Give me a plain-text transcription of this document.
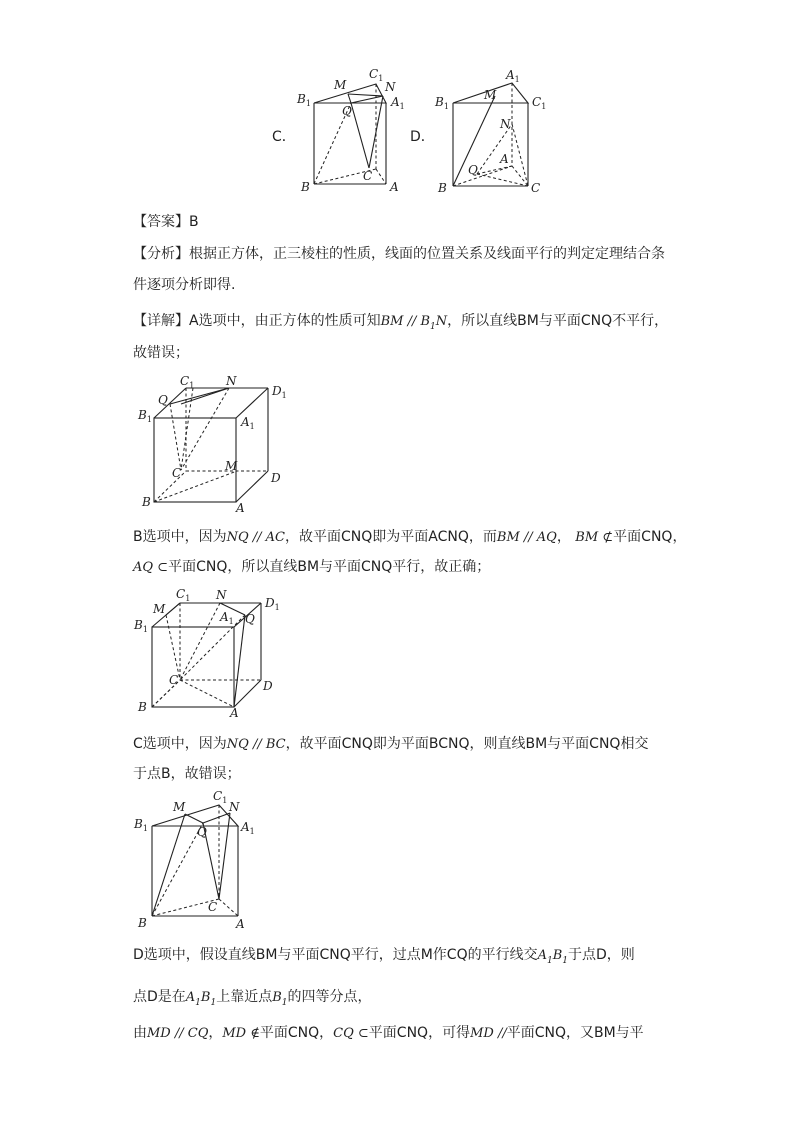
C．
$B_1$
M
$C_1$
N
Q
$A_1$
B
C
A
D．
$B_1$
M
$A_1$
$C_1$
N
A
Q
B	C
【答案】B
【分析】根据正方体，正三棱柱的性质，线面的位置关系及线面平行的判定定理结合条
件逐项分析即得.
【详解】A选项中，由正方体的性质可知BM // $B_1N$，所以直线BM与平面CNQ不平行，
故错误；
$C_1$	N
$D_1$
Q
$B_1$	$A_1$
C	M
D
B	A
B选项中，因为NQ // AC，故平面CNQ即为平面ACNQ，而BM // AQ， BM ⊄平面CNQ，
AQ ⊂平面CNQ，所以直线BM与平面CNQ平行，故正确；
$C_1$ N
$D_1$
M
$A_1$ Q
$B_1$
C	D
B	A
C选项中，因为NQ // BC，故平面CNQ即为平面BCNQ，则直线BM与平面CNQ相交
于点B，故错误；
$C_1$
M	N
$B_1$	Q	$A_1$
C
B	A
D选项中，假设直线BM与平面CNQ平行，过点M作CQ的平行线交$A_1B_1$于点D，则
点D是在$A_1B_1$上靠近点$B_1$的四等分点，
由MD // CQ，MD ∉平面CNQ，CQ ⊂平面CNQ，可得MD //平面CNQ，又BM与平
